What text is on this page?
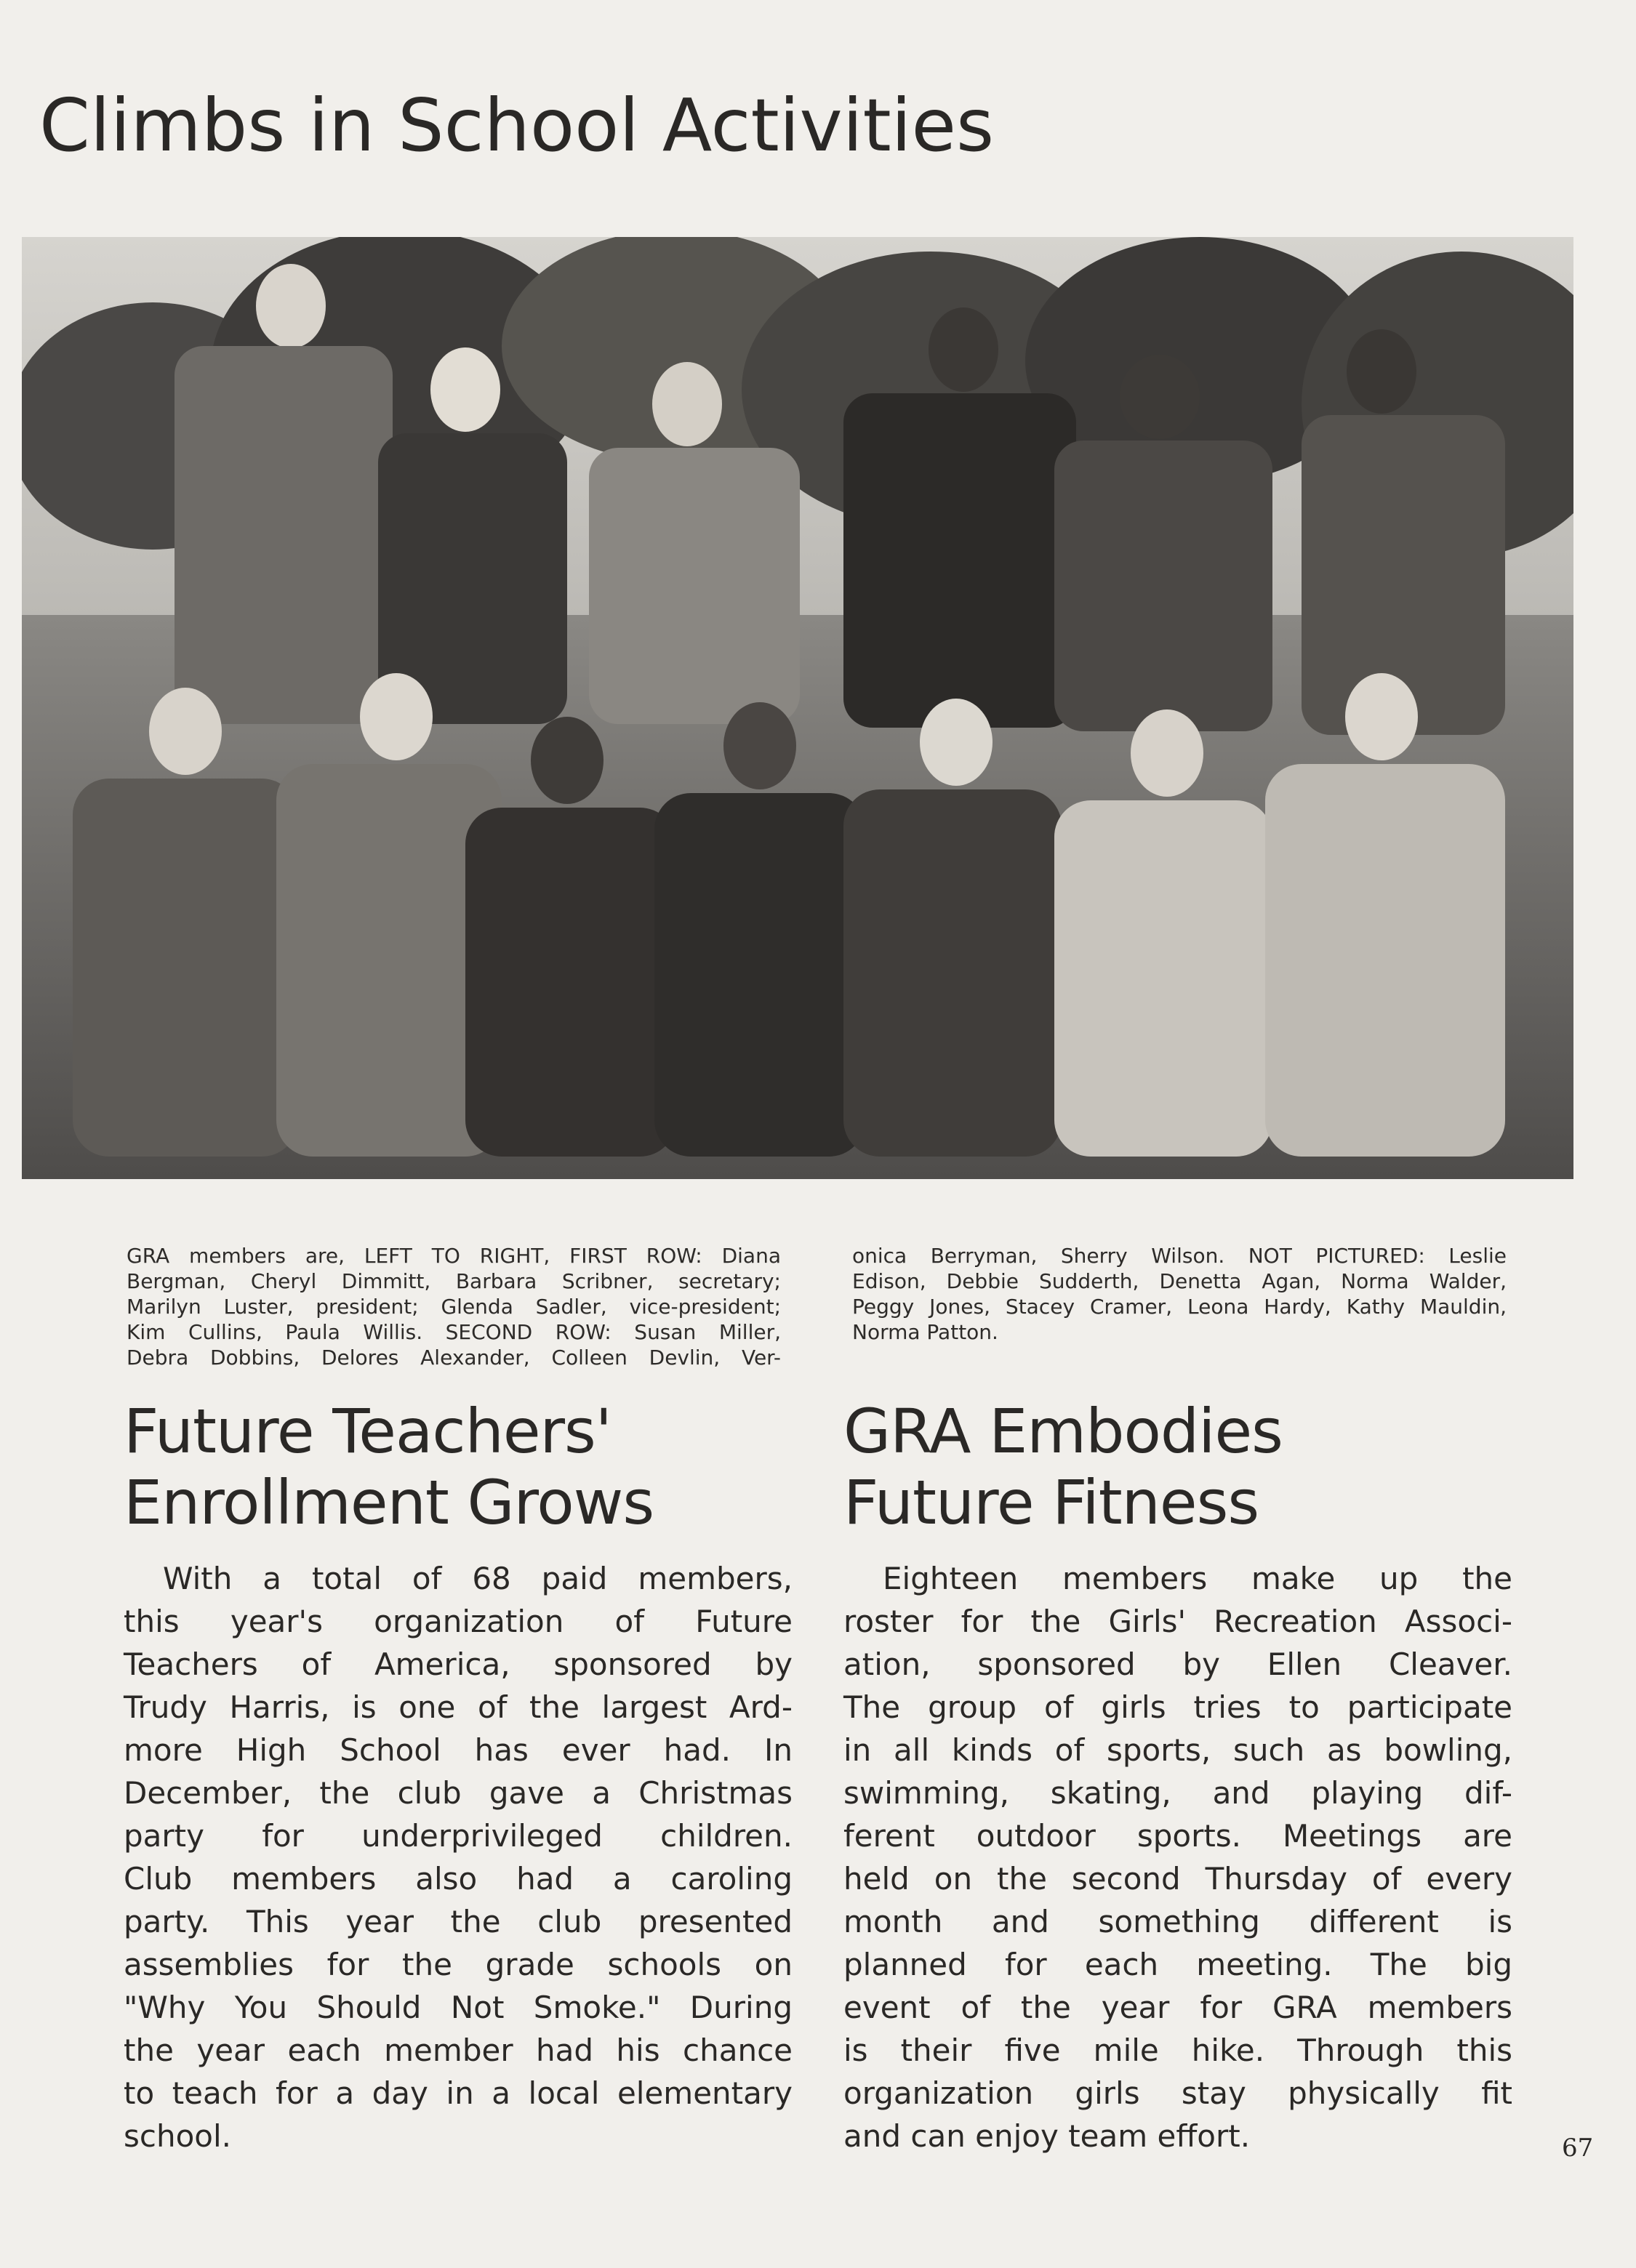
Climbs in School Activities
GRA members are, LEFT TO RIGHT, FIRST ROW: Diana
Bergman, Cheryl Dimmitt, Barbara Scribner, secretary;
Marilyn Luster, president; Glenda Sadler, vice-president;
Kim Cullins, Paula Willis. SECOND ROW: Susan Miller,
Debra Dobbins, Delores Alexander, Colleen Devlin, Ver-
onica Berryman, Sherry Wilson. NOT PICTURED: Leslie
Edison, Debbie Sudderth, Denetta Agan, Norma Walder,
Peggy Jones, Stacey Cramer, Leona Hardy, Kathy Mauldin,
Norma Patton.
Future Teachers'
Enrollment Grows
With a total of 68 paid members,
this year's organization of Future
Teachers of America, sponsored by
Trudy Harris, is one of the largest Ard-
more High School has ever had. In
December, the club gave a Christmas
party for underprivileged children.
Club members also had a caroling
party. This year the club presented
assemblies for the grade schools on
"Why You Should Not Smoke." During
the year each member had his chance
to teach for a day in a local elementary
school.
GRA Embodies
Future Fitness
Eighteen members make up the
roster for the Girls' Recreation Associ-
ation, sponsored by Ellen Cleaver.
The group of girls tries to participate
in all kinds of sports, such as bowling,
swimming, skating, and playing dif-
ferent outdoor sports. Meetings are
held on the second Thursday of every
month and something different is
planned for each meeting. The big
event of the year for GRA members
is their five mile hike. Through this
organization girls stay physically fit
and can enjoy team effort.	67
